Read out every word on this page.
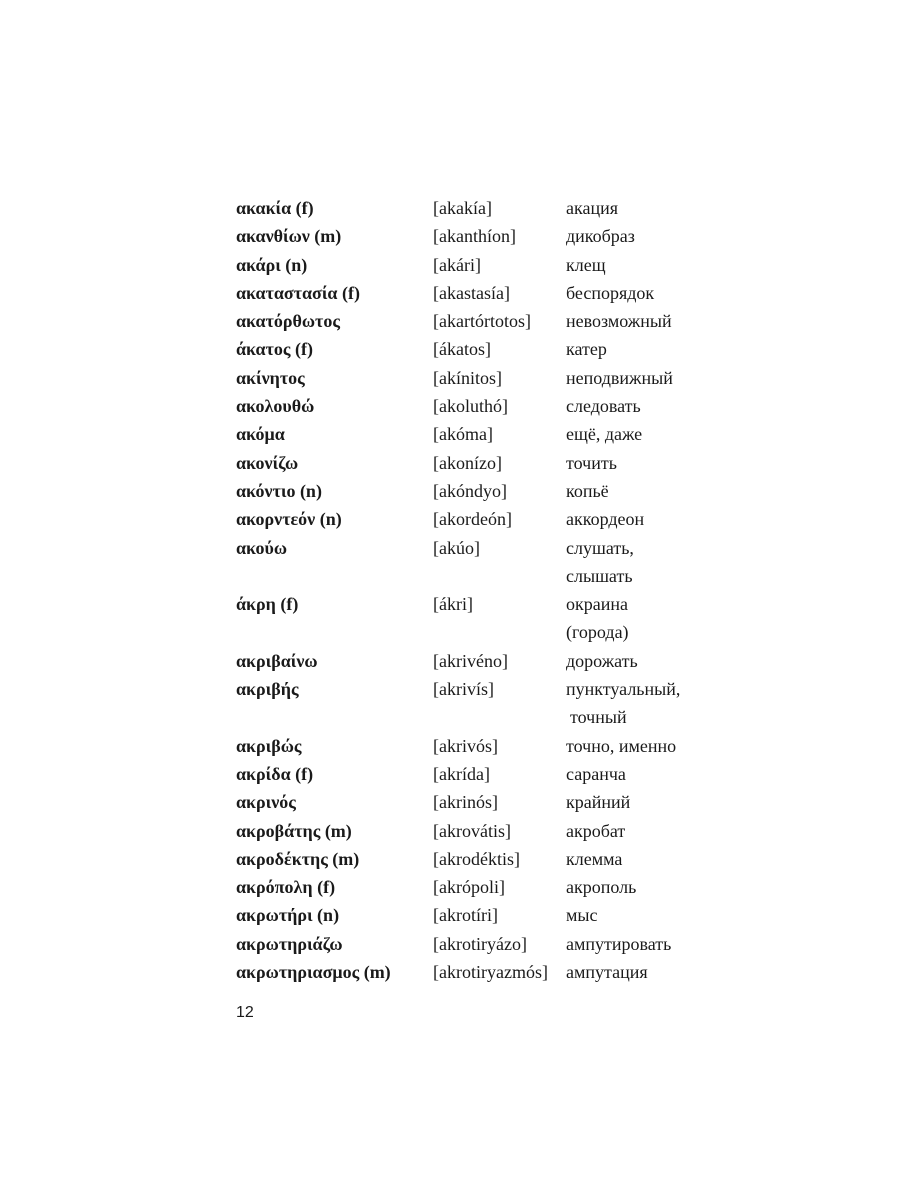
ακακία (f)	[akakía]	акация
ακανθίων (m)	[akanthíon]	дикобраз
ακάρι (n)	[akári]	клещ
ακαταστασία (f)	[akastasía]	беспорядок
ακατόρθωτος	[akartórtotos]	невозможный
άκατος (f)	[ákatos]	катер
ακίνητος	[akínitos]	неподвижный
ακολουθώ	[akoluthó]	следовать
ακόμα	[akóma]	ещё, даже
ακονίζω	[akonízo]	точить
ακόντιο (n)	[akóndyo]	копьё
ακορντεόν (n)	[akordeón]	аккордеон
ακούω	[akúo]	слушать,
слышать
άκρη (f)	[ákri]	окраина
(города)
ακριβαίνω	[akrivéno]	дорожать
ακριβής	[akrivís]	пунктуальный,
точный
ακριβώς	[akrivós]	точно, именно
ακρίδα (f)	[akrída]	саранча
ακρινός	[akrinós]	крайний
ακροβάτης (m)	[akrovátis]	акробат
ακροδέκτης (m)	[akrodéktis]	клемма
ακρόπολη (f)	[akrópoli]	акрополь
ακρωτήρι (n)	[akrotíri]	мыс
ακρωτηριάζω	[akrotiryázo]	ампутировать
ακρωτηριασμος (m)	[akrotiryazmós]	ампутация
12
